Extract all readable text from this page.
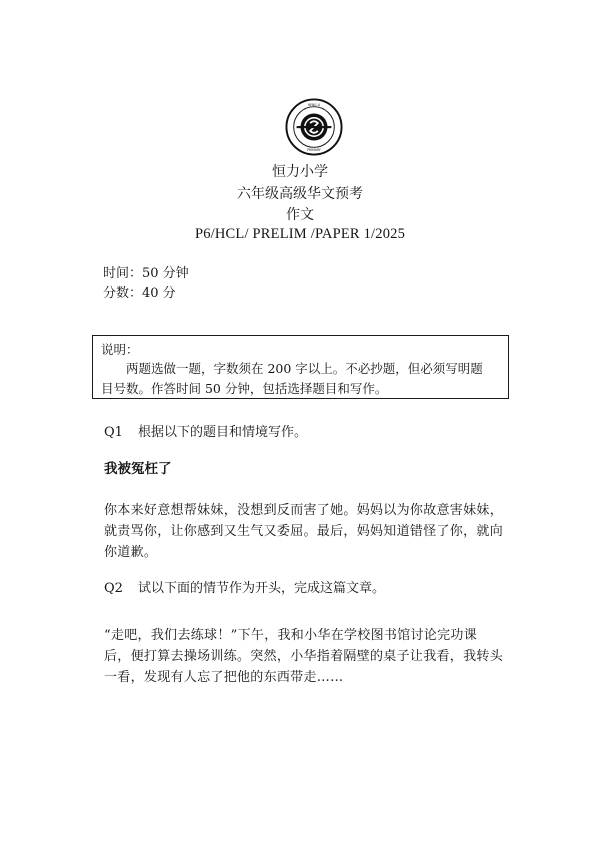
HENG LI
PRIMARY
恒力小学
六年级高级华文预考
作文
P6/HCL/ PRELIM /PAPER 1/2025
时间：50 分钟
分数：40 分
说明：
两题选做一题，字数须在 200 字以上。不必抄题，但必须写明题
目号数。作答时间 50 分钟，包括选择题目和写作。
Q1 根据以下的题目和情境写作。
我被冤枉了
你本来好意想帮妹妹，没想到反而害了她。妈妈以为你故意害妹妹，
就责骂你，让你感到又生气又委屈。最后，妈妈知道错怪了你，就向
你道歉。
Q2 试以下面的情节作为开头，完成这篇文章。
“走吧，我们去练球！”下午，我和小华在学校图书馆讨论完功课
后，便打算去操场训练。突然，小华指着隔壁的桌子让我看，我转头
一看，发现有人忘了把他的东西带走……
